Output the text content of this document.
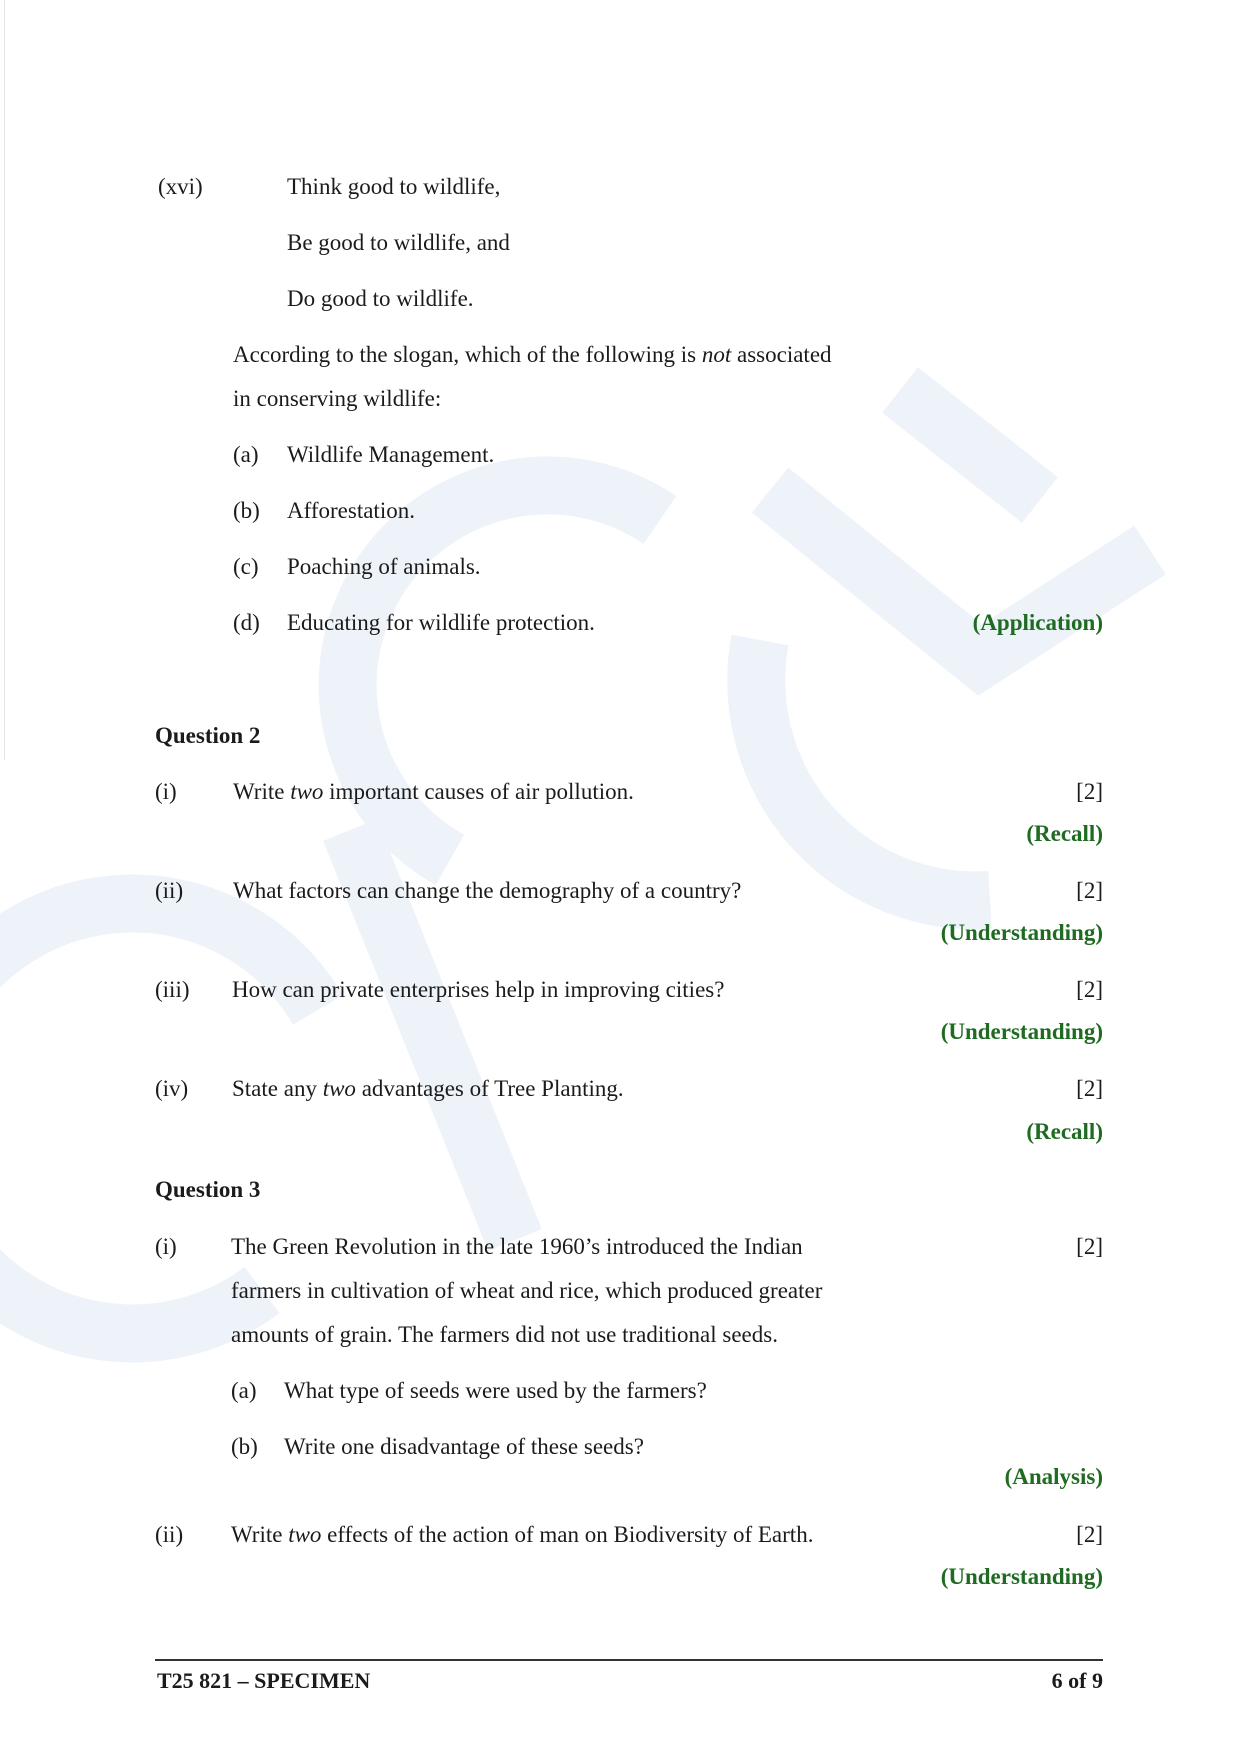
(xvi)	Think good to wildlife,
Be good to wildlife, and
Do good to wildlife.
According to the slogan, which of the following is not associated
in conserving wildlife:
(a) Wildlife Management.
(b) Afforestation.
(c) Poaching of animals.
(d) Educating for wildlife protection.	(Application)
Question 2
(i) Write two important causes of air pollution.	[2]
(Recall)
(ii) What factors can change the demography of a country?	[2]
(Understanding)
(iii) How can private enterprises help in improving cities?	[2]
(Understanding)
(iv) State any two advantages of Tree Planting.	[2]
(Recall)
Question 3
(i) The Green Revolution in the late 1960’s introduced the Indian
farmers in cultivation of wheat and rice, which produced greater
amounts of grain. The farmers did not use traditional seeds.
[2]
(a) What type of seeds were used by the farmers?
(b) Write one disadvantage of these seeds?
(Analysis)
(ii) Write two effects of the action of man on Biodiversity of Earth.	[2]
(Understanding)
T25 821 – SPECIMEN	6 of 9
